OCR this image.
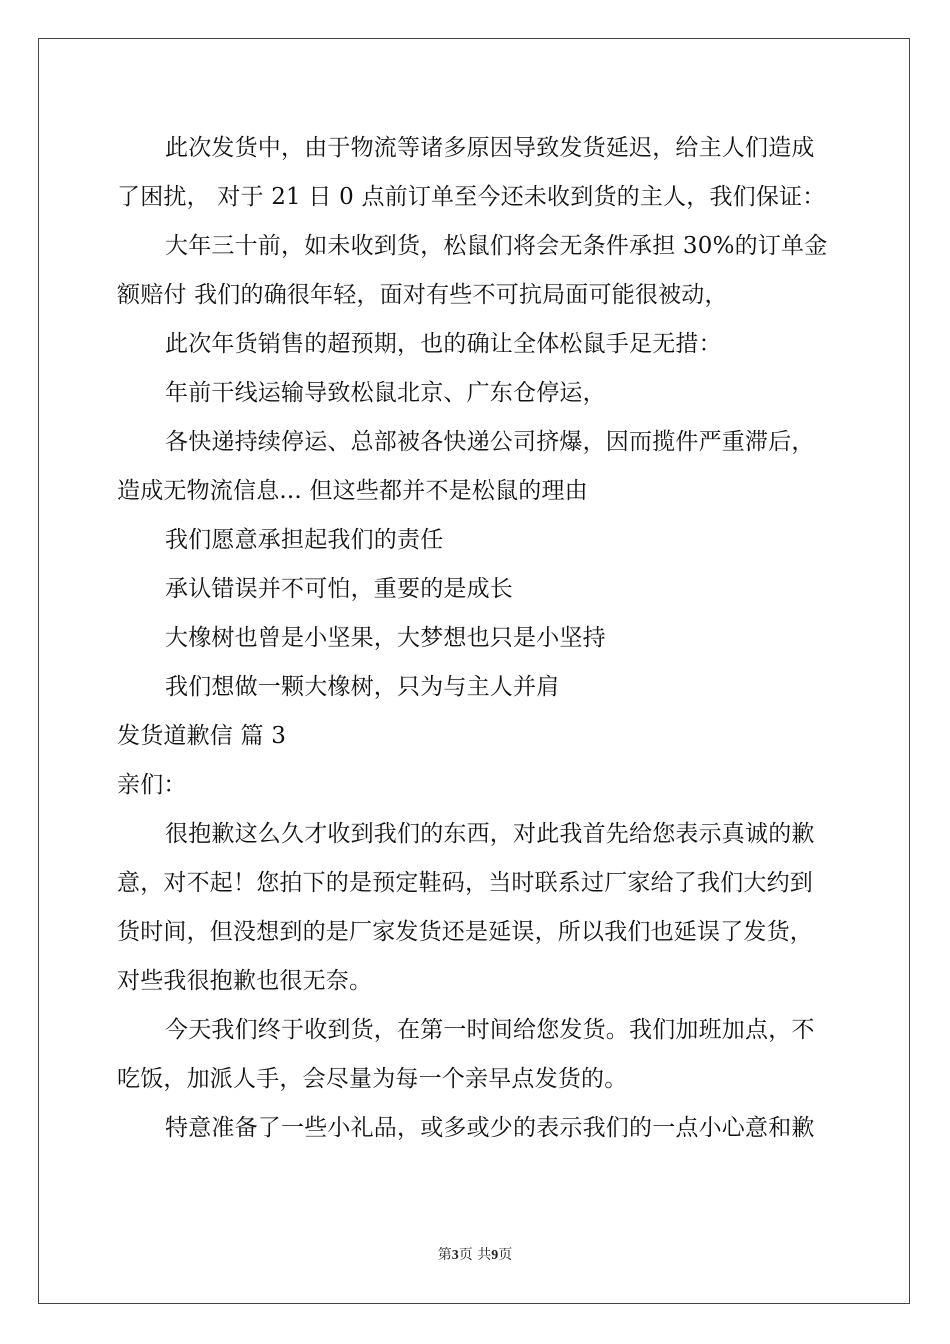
此次发货中，由于物流等诸多原因导致发货延迟，给主人们造成
了困扰， 对于 21 日 0 点前订单至今还未收到货的主人，我们保证：
大年三十前，如未收到货，松鼠们将会无条件承担 30%的订单金
额赔付 我们的确很年轻，面对有些不可抗局面可能很被动，
此次年货销售的超预期，也的确让全体松鼠手足无措：
年前干线运输导致松鼠北京、广东仓停运，
各快递持续停运、总部被各快递公司挤爆，因而揽件严重滞后，
造成无物流信息... 但这些都并不是松鼠的理由
我们愿意承担起我们的责任
承认错误并不可怕，重要的是成长
大橡树也曾是小坚果，大梦想也只是小坚持
我们想做一颗大橡树，只为与主人并肩
发货道歉信 篇 3
亲们：
很抱歉这么久才收到我们的东西，对此我首先给您表示真诚的歉
意，对不起！您拍下的是预定鞋码，当时联系过厂家给了我们大约到
货时间，但没想到的是厂家发货还是延误，所以我们也延误了发货，
对些我很抱歉也很无奈。
今天我们终于收到货，在第一时间给您发货。我们加班加点，不
吃饭，加派人手，会尽量为每一个亲早点发货的。
特意准备了一些小礼品，或多或少的表示我们的一点小心意和歉
第3页 共9页
